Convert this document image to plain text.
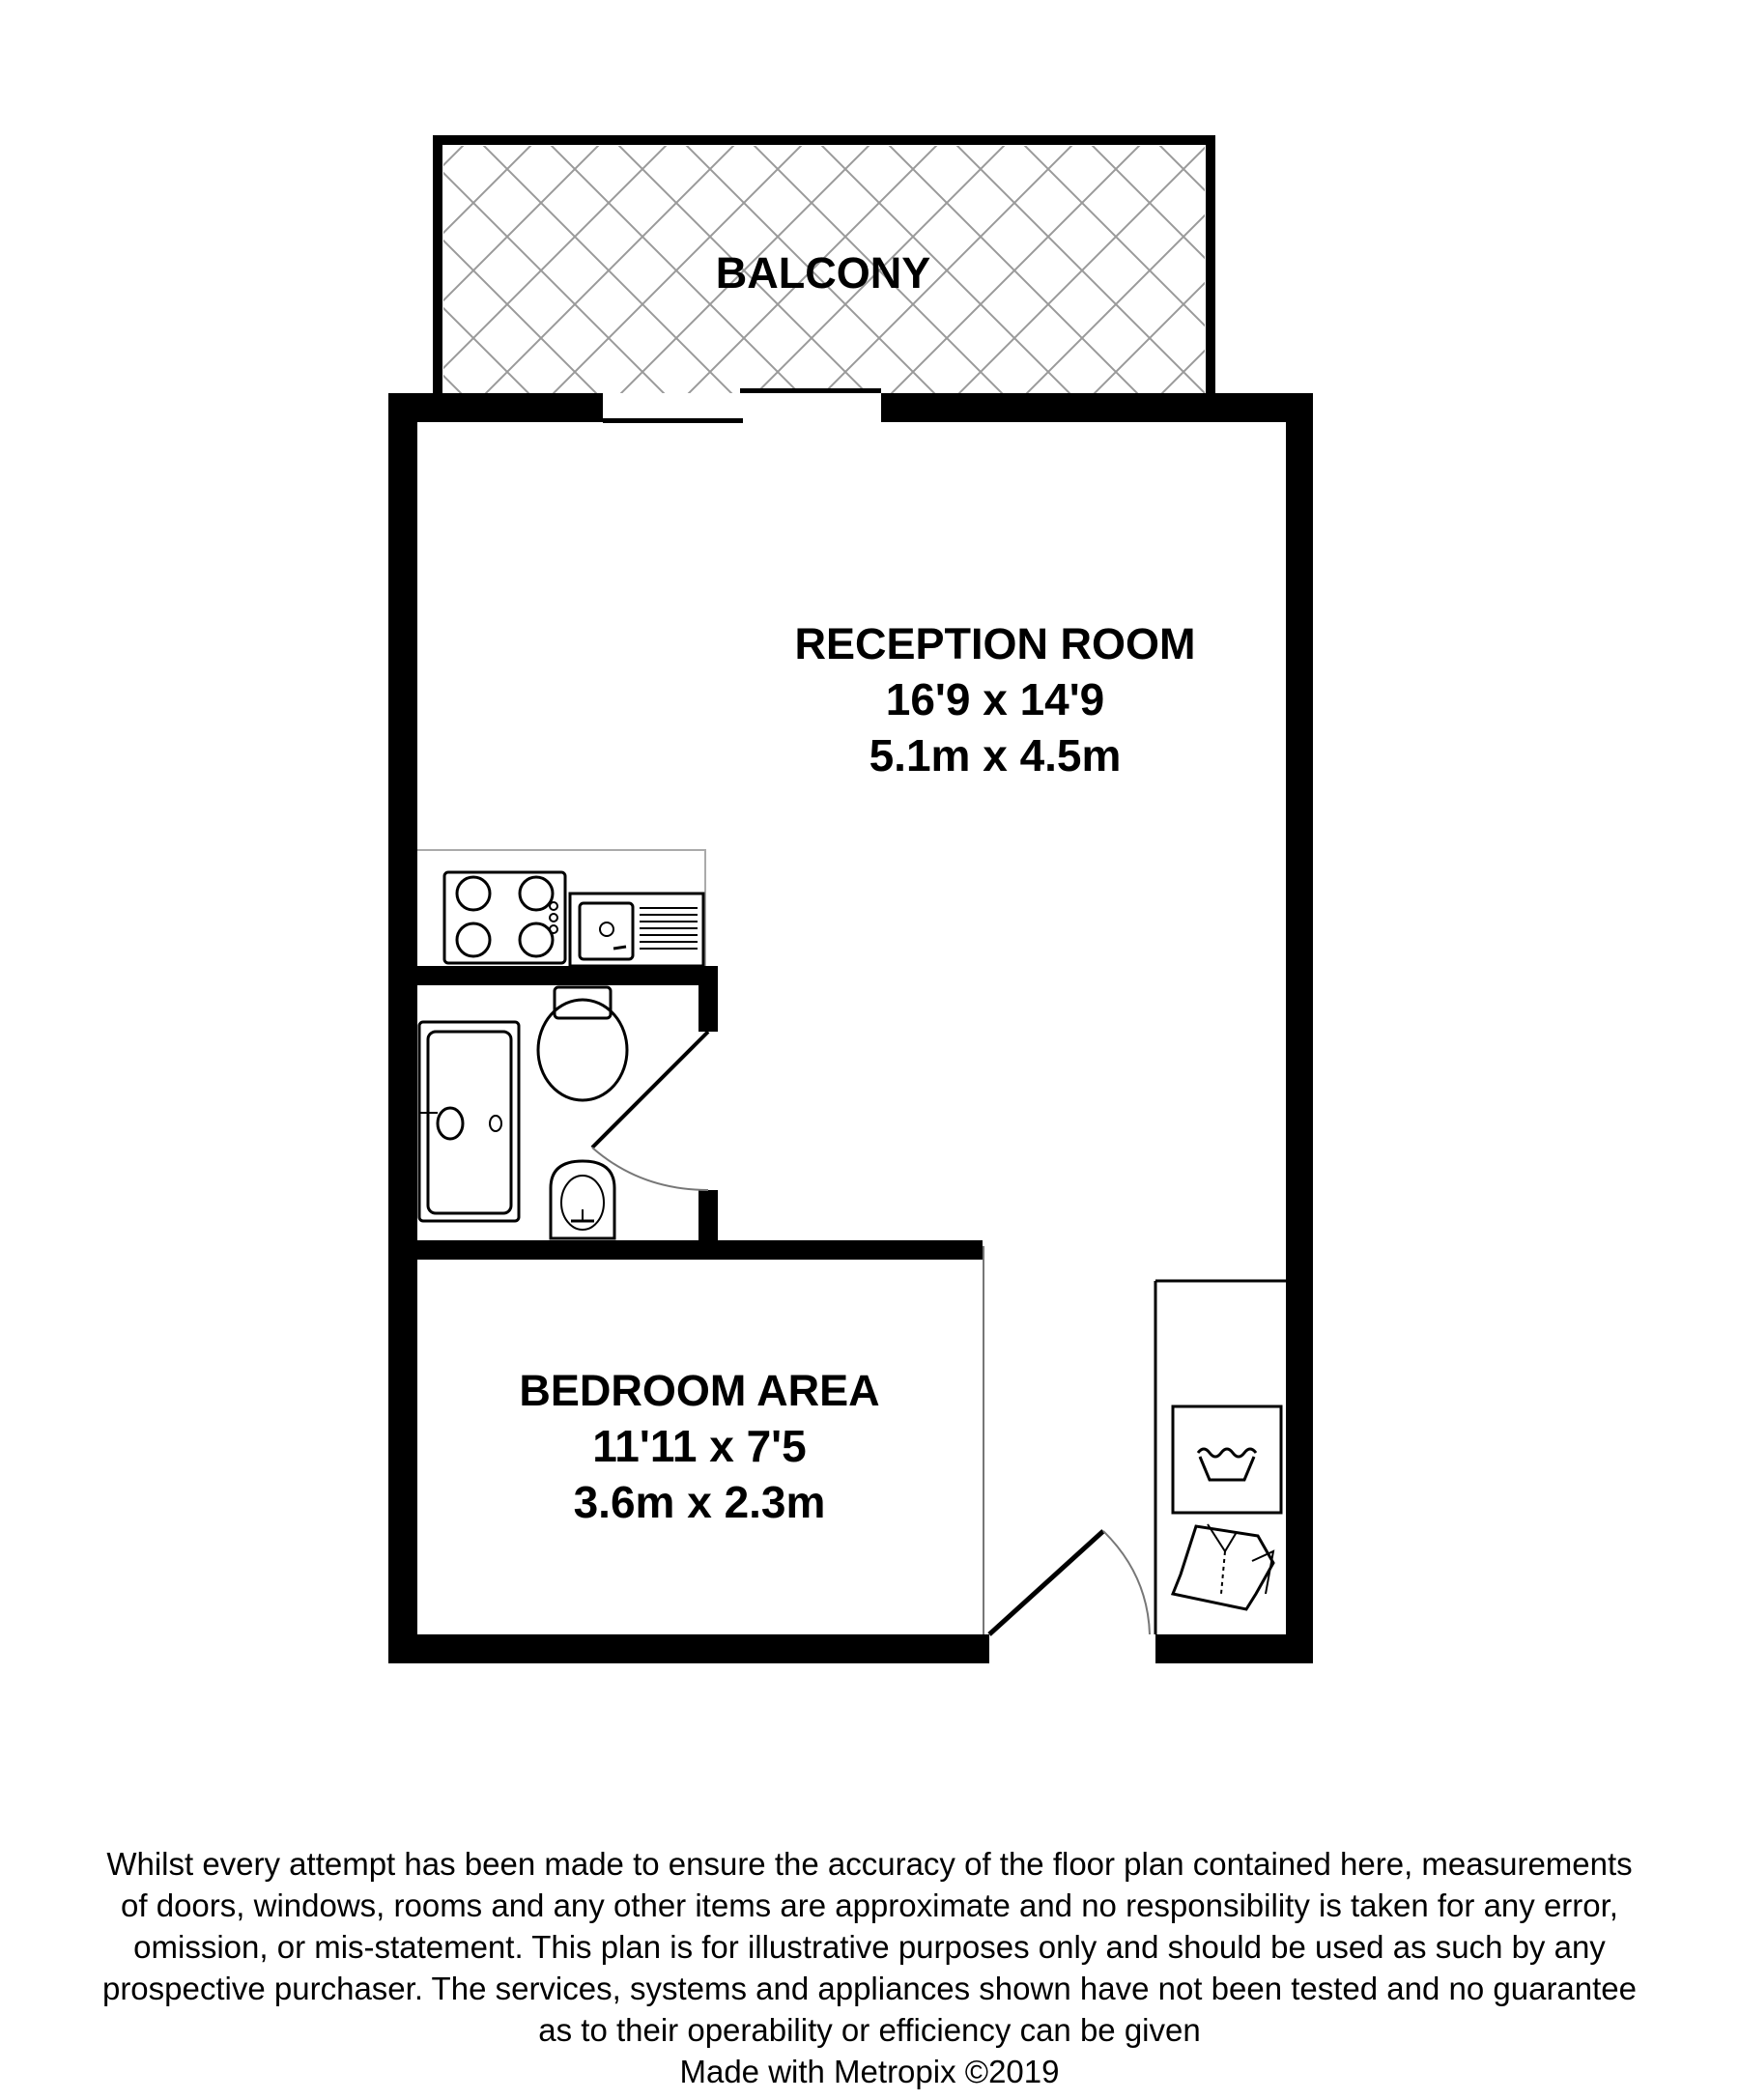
BALCONY
RECEPTION ROOM
16'9 x 14'9
5.1m x 4.5m
BEDROOM AREA
11'11 x 7'5
3.6m x 2.3m
Whilst every attempt has been made to ensure the accuracy of the floor plan contained here, measurements
of doors, windows, rooms and any other items are approximate and no responsibility is taken for any error,
omission, or mis-statement. This plan is for illustrative purposes only and should be used as such by any
prospective purchaser. The services, systems and appliances shown have not been tested and no guarantee
as to their operability or efficiency can be given
Made with Metropix ©2019
